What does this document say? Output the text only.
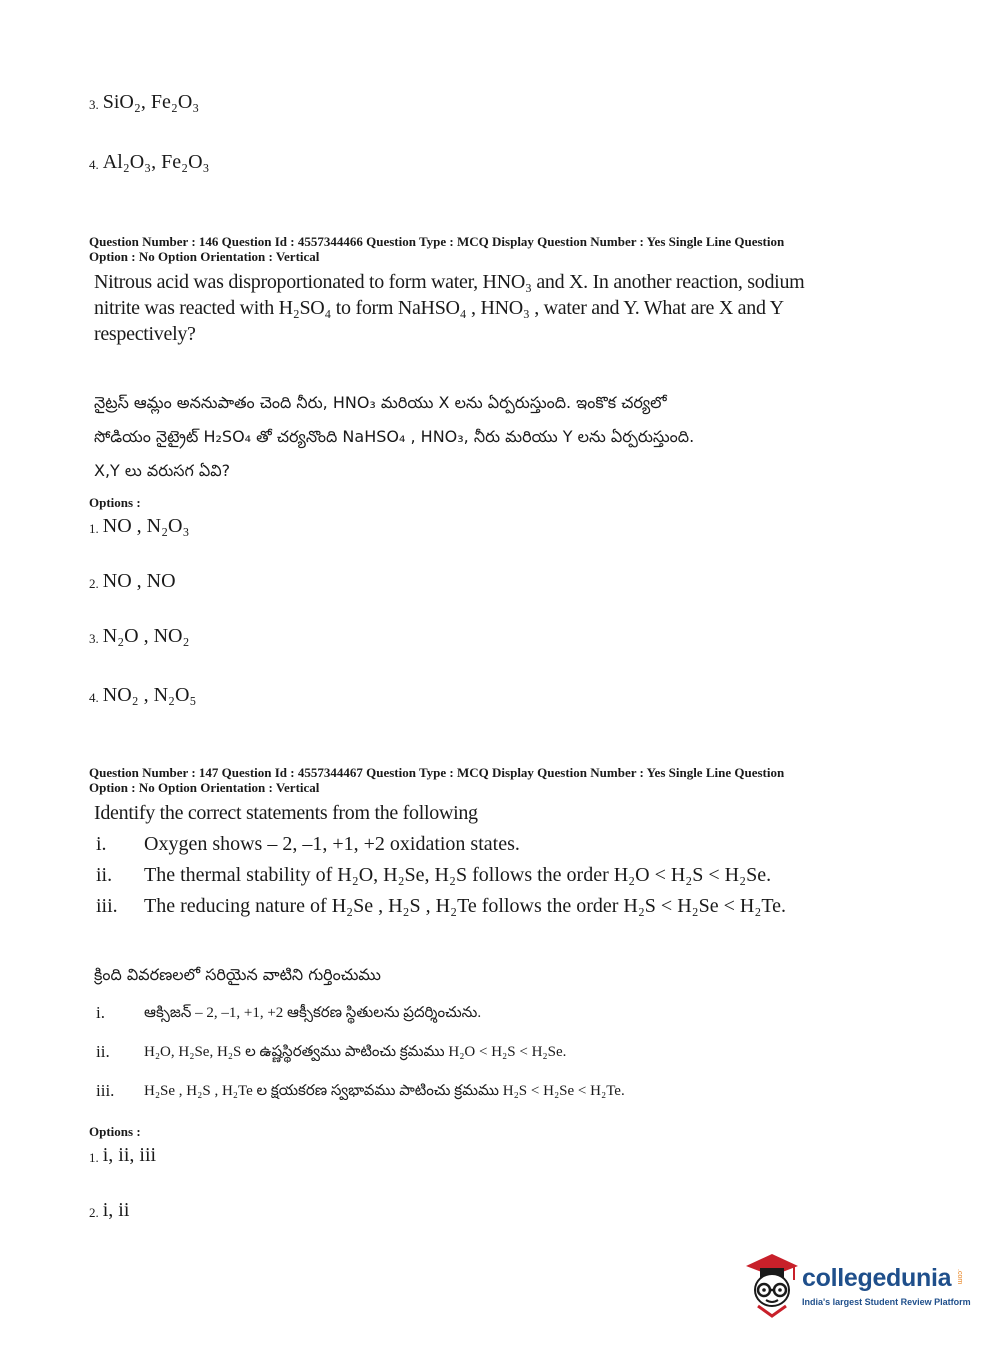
3. SiO₂, Fe₂O₃
4. Al₂O₃, Fe₂O₃
Question Number : 146 Question Id : 4557344466 Question Type : MCQ Display Question Number : Yes Single Line Question
Option : No Option Orientation : Vertical
Nitrous acid was disproportionated to form water, HNO₃ and X. In another reaction, sodium
nitrite was reacted with H₂SO₄ to form NaHSO₄ , HNO₃ , water and Y. What are X and Y
respectively?
నైట్రస్ ఆమ్లం అననుపాతం చెంది నీరు, HNO₃ మరియు X లను ఏర్పరుస్తుంది. ఇంకొక చర్యలో
సోడియం నైట్రైట్ H₂SO₄ తో చర్యనొంది NaHSO₄ , HNO₃, నీరు మరియు Y లను ఏర్పరుస్తుంది.
X,Y లు వరుసగ ఏవి?
Options :
1. NO , N₂O₃
2. NO , NO
3. N₂O , NO₂
4. NO₂ , N₂O₅
Question Number : 147 Question Id : 4557344467 Question Type : MCQ Display Question Number : Yes Single Line Question
Option : No Option Orientation : Vertical
Identify the correct statements from the following
i.	Oxygen shows – 2, –1, +1, +2 oxidation states.
ii.	The thermal stability of H₂O, H₂Se, H₂S follows the order H₂O < H₂S < H₂Se.
iii.	The reducing nature of H₂Se , H₂S , H₂Te follows the order H₂S < H₂Se < H₂Te.
క్రింది వివరణలలో సరియైన వాటిని గుర్తించుము
i.	ఆక్సిజన్ – 2, –1, +1, +2 ఆక్సీకరణ స్థితులను ప్రదర్శించును.
ii.	H₂O, H₂Se, H₂S ల ఉష్ణస్థిరత్వము పాటించు క్రమము H₂O < H₂S < H₂Se.
iii.	H₂Se , H₂S , H₂Te ల క్షయకరణ స్వభావము పాటించు క్రమము H₂S < H₂Se < H₂Te.
Options :
1. i, ii, iii
2. i, ii
collegedunia .com
India's largest Student Review Platform
